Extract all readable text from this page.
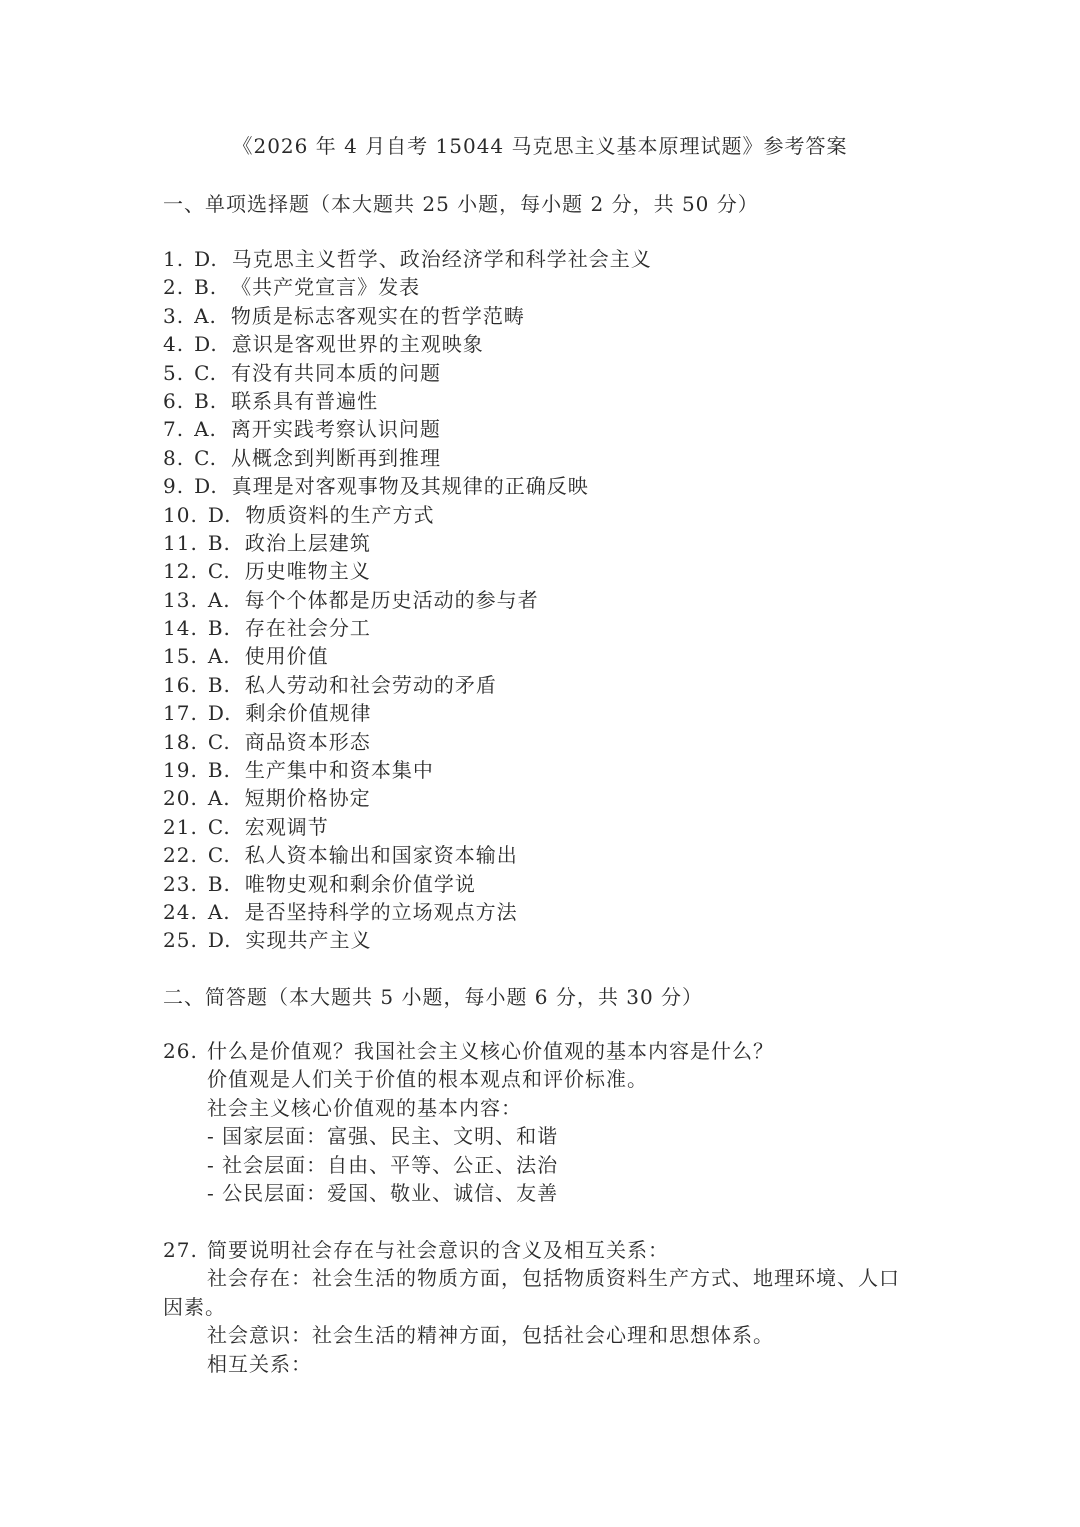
《2026 年 4 月自考 15044 马克思主义基本原理试题》参考答案
一、单项选择题（本大题共 25 小题，每小题 2 分，共 50 分）
1. D. 马克思主义哲学、政治经济学和科学社会主义
2. B. 《共产党宣言》发表
3. A. 物质是标志客观实在的哲学范畴
4. D. 意识是客观世界的主观映象
5. C. 有没有共同本质的问题
6. B. 联系具有普遍性
7. A. 离开实践考察认识问题
8. C. 从概念到判断再到推理
9. D. 真理是对客观事物及其规律的正确反映
10. D. 物质资料的生产方式
11. B. 政治上层建筑
12. C. 历史唯物主义
13. A. 每个个体都是历史活动的参与者
14. B. 存在社会分工
15. A. 使用价值
16. B. 私人劳动和社会劳动的矛盾
17. D. 剩余价值规律
18. C. 商品资本形态
19. B. 生产集中和资本集中
20. A. 短期价格协定
21. C. 宏观调节
22. C. 私人资本输出和国家资本输出
23. B. 唯物史观和剩余价值学说
24. A. 是否坚持科学的立场观点方法
25. D. 实现共产主义
二、简答题（本大题共 5 小题，每小题 6 分，共 30 分）
26. 什么是价值观？我国社会主义核心价值观的基本内容是什么？
价值观是人们关于价值的根本观点和评价标准。
社会主义核心价值观的基本内容：
- 国家层面：富强、民主、文明、和谐
- 社会层面：自由、平等、公正、法治
- 公民层面：爱国、敬业、诚信、友善
27. 简要说明社会存在与社会意识的含义及相互关系：
社会存在：社会生活的物质方面，包括物质资料生产方式、地理环境、人口
因素。
社会意识：社会生活的精神方面，包括社会心理和思想体系。
相互关系：
